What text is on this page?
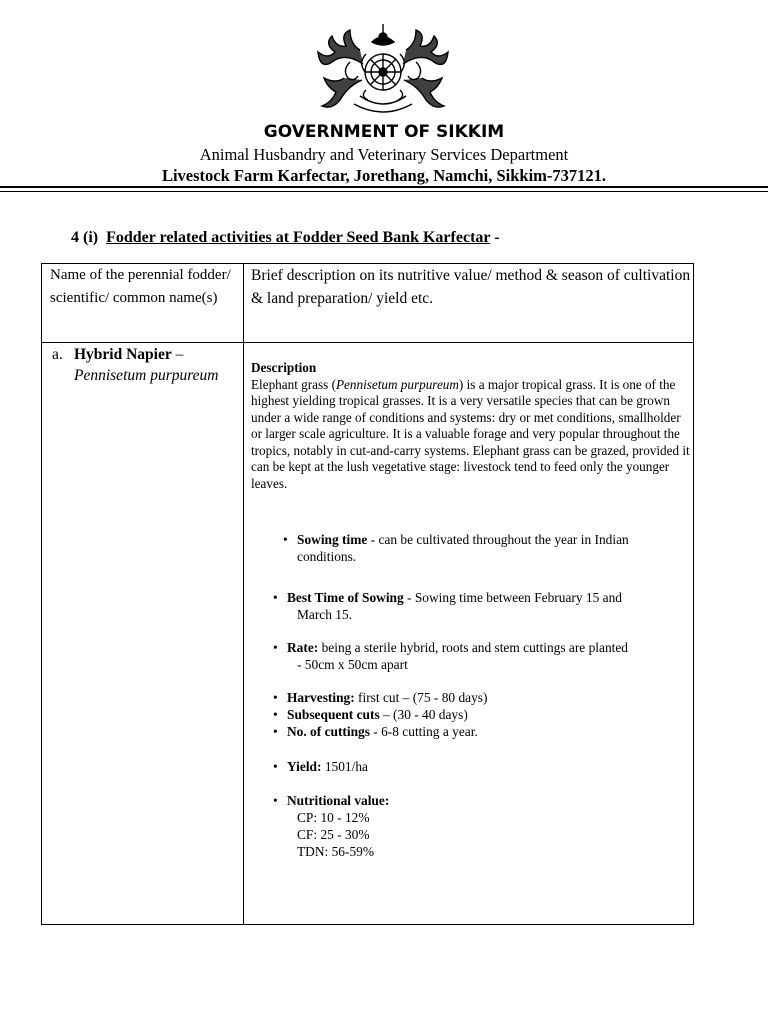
GOVERNMENT OF SIKKIM
Animal Husbandry and Veterinary Services Department
Livestock Farm Karfectar, Jorethang, Namchi, Sikkim-737121.
4 (i) Fodder related activities at Fodder Seed Bank Karfectar -
Name of the perennial fodder/ scientific/ common name(s)
Brief description on its nutritive value/ method & season of cultivation & land preparation/ yield etc.
a. Hybrid Napier –
Pennisetum purpureum	Description
Elephant grass (Pennisetum purpureum) is a major tropical grass. It is one of the highest yielding tropical grasses. It is a very versatile species that can be grown under a wide range of conditions and systems: dry or met conditions, smallholder or larger scale agriculture. It is a valuable forage and very popular throughout the tropics, notably in cut-and-carry systems. Elephant grass can be grazed, provided it can be kept at the lush vegetative stage: livestock tend to feed only the younger leaves.
• Sowing time - can be cultivated throughout the year in Indian
conditions.
• Best Time of Sowing - Sowing time between February 15 and
March 15.
• Rate: being a sterile hybrid, roots and stem cuttings are planted
- 50cm x 50cm apart
• Harvesting: first cut – (75 - 80 days)
• Subsequent cuts – (30 - 40 days)
• No. of cuttings - 6-8 cutting a year.
• Yield: 1501/ha
• Nutritional value:
CP: 10 - 12%
CF: 25 - 30%
TDN: 56-59%
